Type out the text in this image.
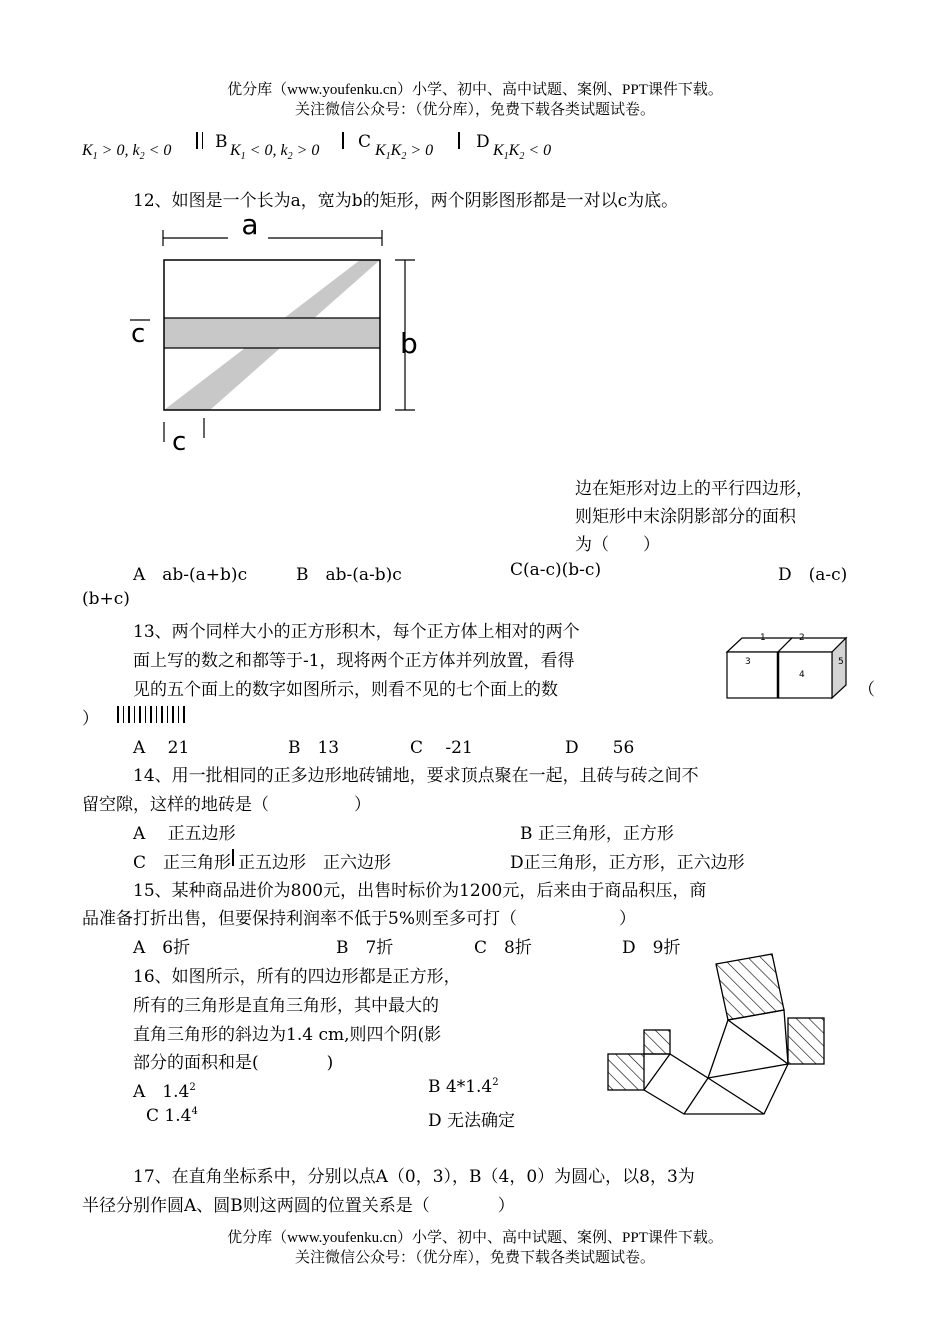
优分库（www.youfenku.cn）小学、初中、高中试题、案例、PPT课件下载。
关注微信公众号：（优分库），免费下载各类试题试卷。
$K_1 > 0$, $k_2 < 0$	B $K_1 < 0$, $k_2 > 0$ C $K_1K_2 > 0$	D $K_1K_2 < 0$
12、如图是一个长为a，宽为b的矩形，两个阴影图形都是一对以c为底。
a
b
c
c
边在矩形对边上的平行四边形，
则矩形中末涂阴影部分的面积
为（　　）
A　ab-(a+b)c	B　ab-(a-b)c	C(a-c)(b-c)	D　(a-c)
(b+c)
13、两个同样大小的正方形积木，每个正方体上相对的两个
面上写的数之和都等于-1，现将两个正方体并列放置，看得
见的五个面上的数字如图所示，则看不见的七个面上的数	（
）
1	2
3
4
5
A　 21	B　13	C　 -21	D　　56
14、用一批相同的正多边形地砖铺地，要求顶点聚在一起，且砖与砖之间不
留空隙，这样的地砖是（　　　　　）
A　 正五边形	B 正三角形，正方形
C　正三角形 正五边形　正六边形	D正三角形，正方形，正六边形
15、某种商品进价为800元，出售时标价为1200元，后来由于商品积压，商
品准备打折出售，但要保持利润率不低于5%则至多可打（　　　　　　）
A　6折	B　7折	C　8折	D　9折
16、如图所示，所有的四边形都是正方形，
所有的三角形是直角三角形，其中最大的
直角三角形的斜边为1.4 cm,则四个阴(影
部分的面积和是(　　　　)
A　$1.4^2$	B $4*1.4^2$
C $1.4^4$	D 无法确定
17、在直角坐标系中，分别以点A（0，3），B（4，0）为圆心，以8，3为
半径分别作圆A、圆B则这两圆的位置关系是（　　　　）
优分库（www.youfenku.cn）小学、初中、高中试题、案例、PPT课件下载。
关注微信公众号：（优分库），免费下载各类试题试卷。
